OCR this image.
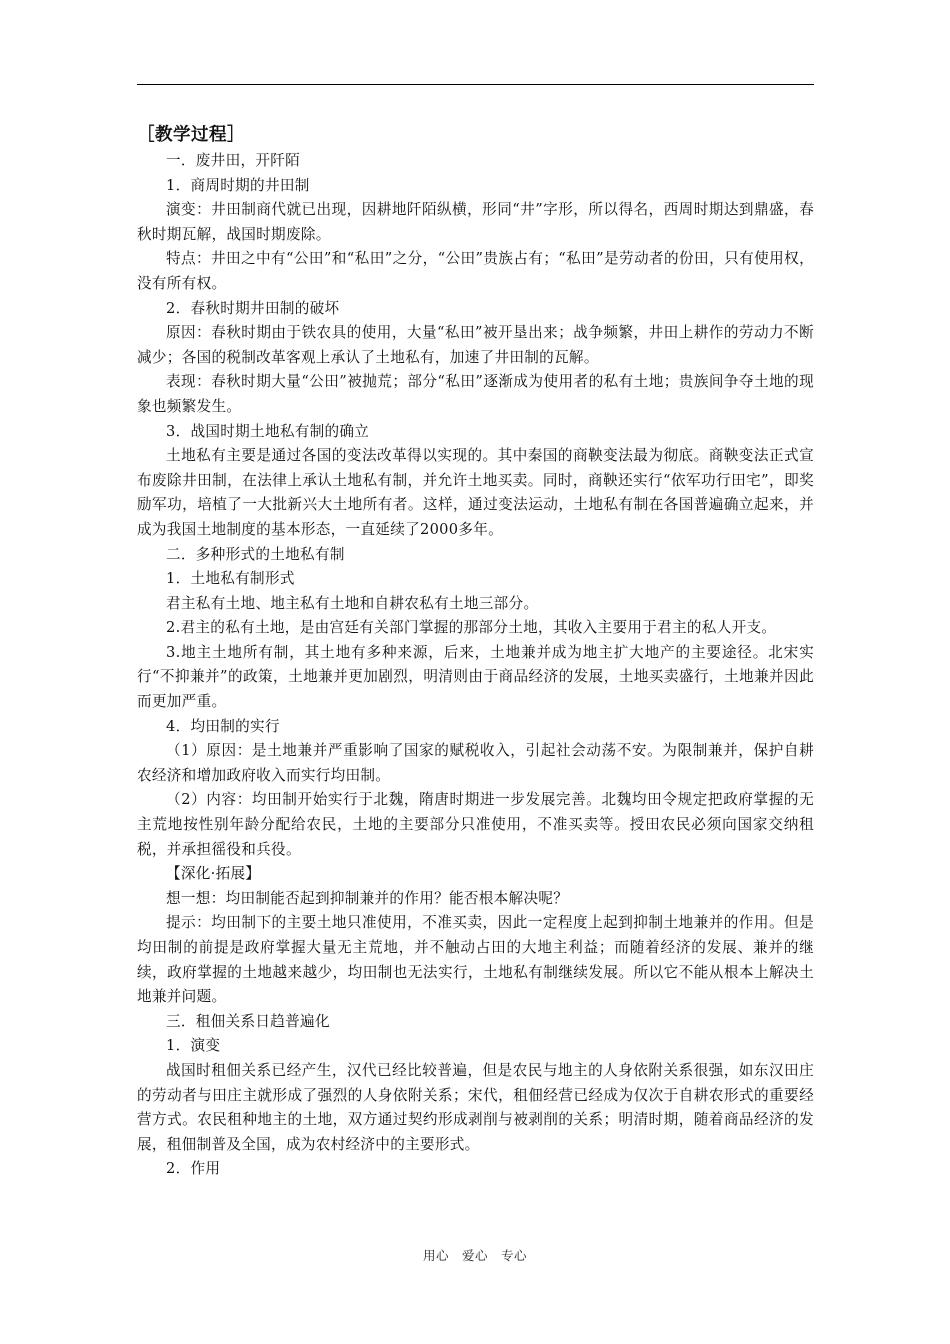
［教学过程］

一．废井田，开阡陌

1．商周时期的井田制

演变：井田制商代就已出现，因耕地阡陌纵横，形同“井”字形，所以得名，西周时期达到鼎盛，春秋时期瓦解，战国时期废除。

特点：井田之中有“公田”和“私田”之分，“公田”贵族占有；“私田”是劳动者的份田，只有使用权，没有所有权。

2．春秋时期井田制的破坏

原因：春秋时期由于铁农具的使用，大量“私田”被开垦出来；战争频繁，井田上耕作的劳动力不断减少；各国的税制改革客观上承认了土地私有，加速了井田制的瓦解。

表现：春秋时期大量“公田”被抛荒；部分“私田”逐渐成为使用者的私有土地；贵族间争夺土地的现象也频繁发生。

3．战国时期土地私有制的确立

土地私有主要是通过各国的变法改革得以实现的。其中秦国的商鞅变法最为彻底。商鞅变法正式宣布废除井田制，在法律上承认土地私有制，并允许土地买卖。同时，商鞅还实行“依军功行田宅”，即奖励军功，培植了一大批新兴大土地所有者。这样，通过变法运动，土地私有制在各国普遍确立起来，并成为我国土地制度的基本形态，一直延续了2000多年。

二．多种形式的土地私有制

1．土地私有制形式

君主私有土地、地主私有土地和自耕农私有土地三部分。

2.君主的私有土地，是由宫廷有关部门掌握的那部分土地，其收入主要用于君主的私人开支。

3.地主土地所有制，其土地有多种来源，后来，土地兼并成为地主扩大地产的主要途径。北宋实行“不抑兼并”的政策，土地兼并更加剧烈，明清则由于商品经济的发展，土地买卖盛行，土地兼并因此而更加严重。

4．均田制的实行

（1）原因：是土地兼并严重影响了国家的赋税收入，引起社会动荡不安。为限制兼并，保护自耕农经济和增加政府收入而实行均田制。

（2）内容：均田制开始实行于北魏，隋唐时期进一步发展完善。北魏均田令规定把政府掌握的无主荒地按性别年龄分配给农民，土地的主要部分只准使用，不准买卖等。授田农民必须向国家交纳租税，并承担徭役和兵役。

【深化·拓展】

想一想：均田制能否起到抑制兼并的作用？能否根本解决呢？

提示：均田制下的主要土地只准使用，不准买卖，因此一定程度上起到抑制土地兼并的作用。但是均田制的前提是政府掌握大量无主荒地，并不触动占田的大地主利益；而随着经济的发展、兼并的继续，政府掌握的土地越来越少，均田制也无法实行，土地私有制继续发展。所以它不能从根本上解决土地兼并问题。

三．租佃关系日趋普遍化

1．演变

战国时租佃关系已经产生，汉代已经比较普遍，但是农民与地主的人身依附关系很强，如东汉田庄的劳动者与田庄主就形成了强烈的人身依附关系；宋代，租佃经营已经成为仅次于自耕农形式的重要经营方式。农民租种地主的土地，双方通过契约形成剥削与被剥削的关系；明清时期，随着商品经济的发展，租佃制普及全国，成为农村经济中的主要形式。

2．作用

用心　爱心　专心
